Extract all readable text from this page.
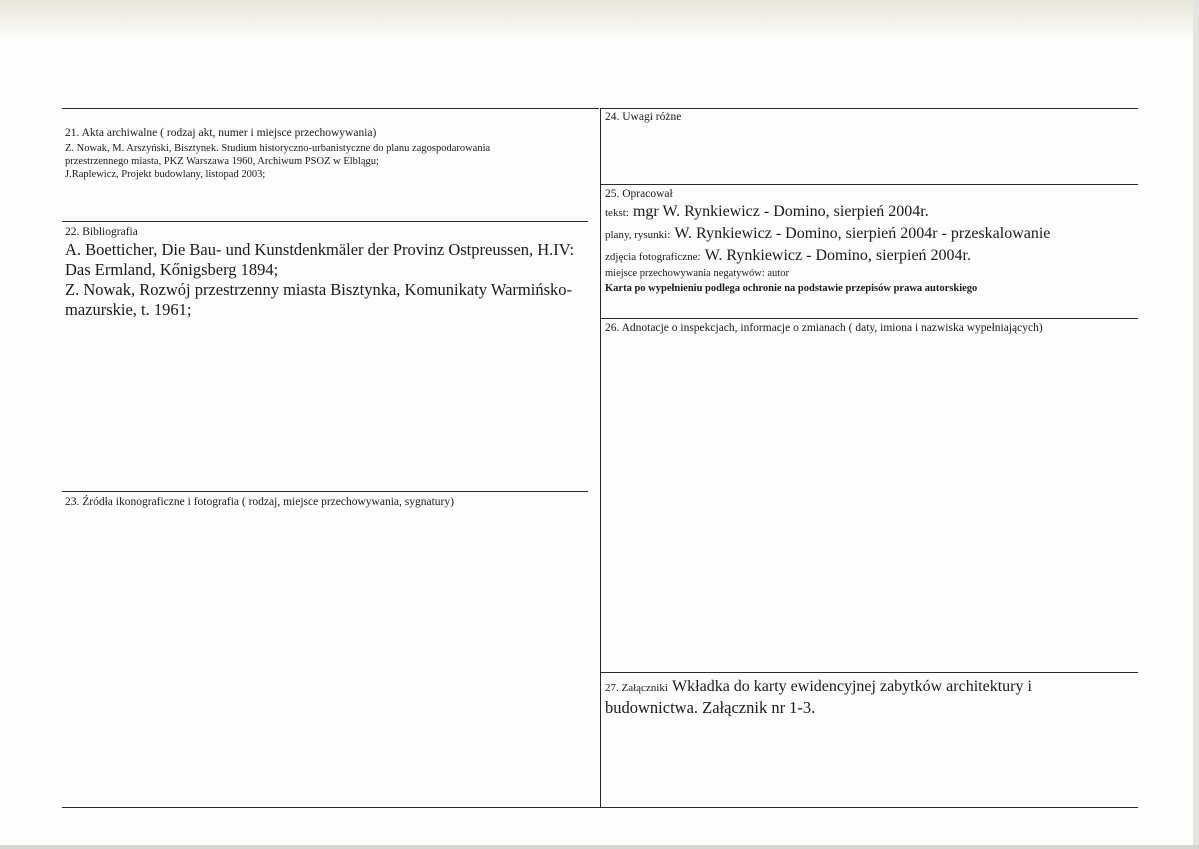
21. Akta archiwalne ( rodzaj akt, numer i miejsce przechowywania)
Z. Nowak, M. Arszyński, Bisztynek. Studium historyczno-urbanistyczne do planu zagospodarowania
przestrzennego miasta, PKZ Warszawa 1960, Archiwum PSOZ w Elblągu;
J.Raplewicz, Projekt budowlany, listopad 2003;
22. Bibliografia
A. Boetticher, Die Bau- und Kunstdenkmäler der Provinz Ostpreussen, H.IV:
Das Ermland, Kőnigsberg 1894;
Z. Nowak, Rozwój przestrzenny miasta Bisztynka, Komunikaty Warmińsko-
mazurskie, t. 1961;
23. Źródła ikonograficzne i fotografia ( rodzaj, miejsce przechowywania, sygnatury)
24. Uwagi różne
25. Opracował
tekst: mgr W. Rynkiewicz - Domino, sierpień 2004r.
plany, rysunki: W. Rynkiewicz - Domino, sierpień 2004r - przeskalowanie
zdjęcia fotograficzne: W. Rynkiewicz - Domino, sierpień 2004r.
miejsce przechowywania negatywów: autor
Karta po wypełnieniu podlega ochronie na podstawie przepisów prawa autorskiego
26. Adnotacje o inspekcjach, informacje o zmianach ( daty, imiona i nazwiska wypełniających)
27. Załączniki Wkładka do karty ewidencyjnej zabytków architektury i
budownictwa. Załącznik nr 1-3.
